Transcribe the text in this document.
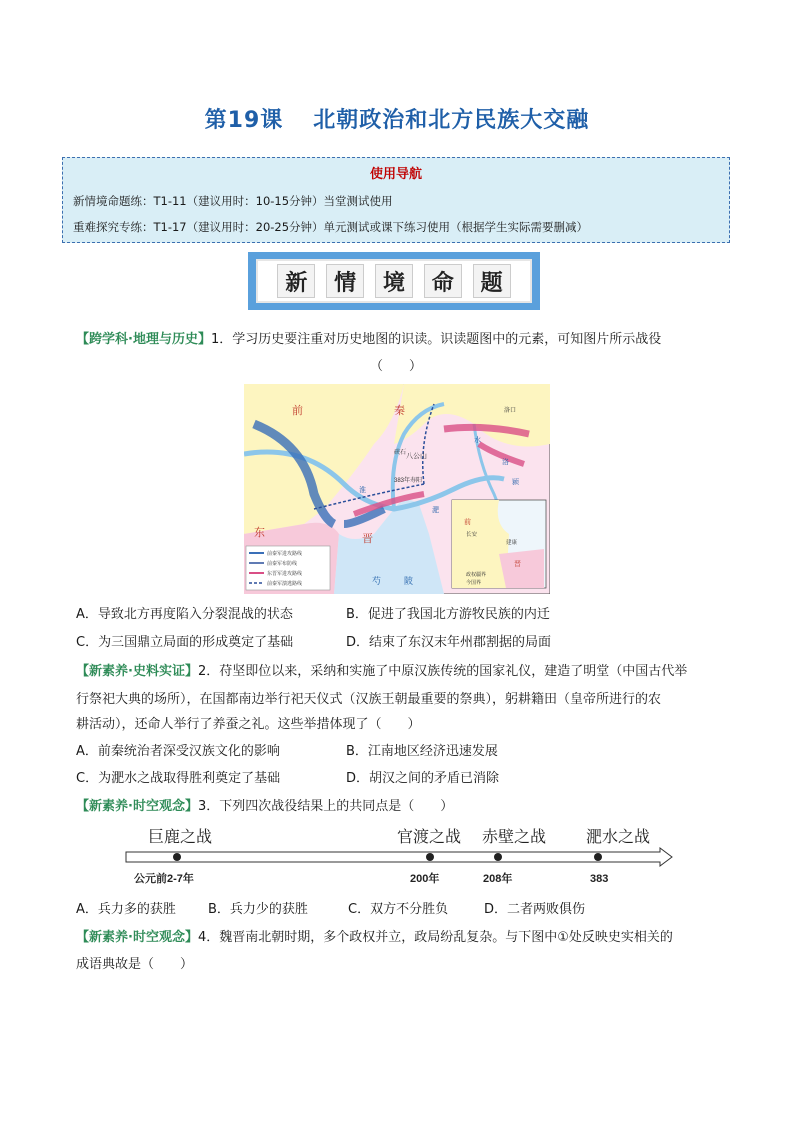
第19课 北朝政治和北方民族大交融
使用导航
新情境命题练：T1-11（建议用时：10-15分钟）当堂测试使用
重难探究专练：T1-17（建议用时：20-25分钟）单元测试或课下练习使用（根据学生实际需要删减）
新	情	境	命	题
【跨学科·地理与历史】1．学习历史要注重对历史地图的识读。识读题图中的元素，可知图片所示战役
（　　）
前	秦
东	晋
芍	陂
水
洛
颍
淮
淝
八公山
383年寿阳
硖石
洛口
前
晋
长安
建康
前秦军进攻路线
前秦军布防线
东晋军进攻路线
前秦军溃逃路线
政权疆界
今国界
A．导致北方再度陷入分裂混战的状态	B．促进了我国北方游牧民族的内迁
C．为三国鼎立局面的形成奠定了基础	D．结束了东汉末年州郡割据的局面
【新素养·史料实证】2．苻坚即位以来，采纳和实施了中原汉族传统的国家礼仪，建造了明堂（中国古代举
行祭祀大典的场所），在国都南边举行祀天仪式（汉族王朝最重要的祭典），躬耕籍田（皇帝所进行的农
耕活动），还命人举行了养蚕之礼。这些举措体现了（　　）
A．前秦统治者深受汉族文化的影响	B．江南地区经济迅速发展
C．为淝水之战取得胜利奠定了基础	D．胡汉之间的矛盾已消除
【新素养·时空观念】3．下列四次战役结果上的共同点是（　　）
巨鹿之战	官渡之战 赤壁之战 淝水之战
公元前2-7年	200年	208年	383
A．兵力多的获胜 B．兵力少的获胜	C．双方不分胜负	D．二者两败俱伤
【新素养·时空观念】4．魏晋南北朝时期，多个政权并立，政局纷乱复杂。与下图中①处反映史实相关的
成语典故是（　　）
